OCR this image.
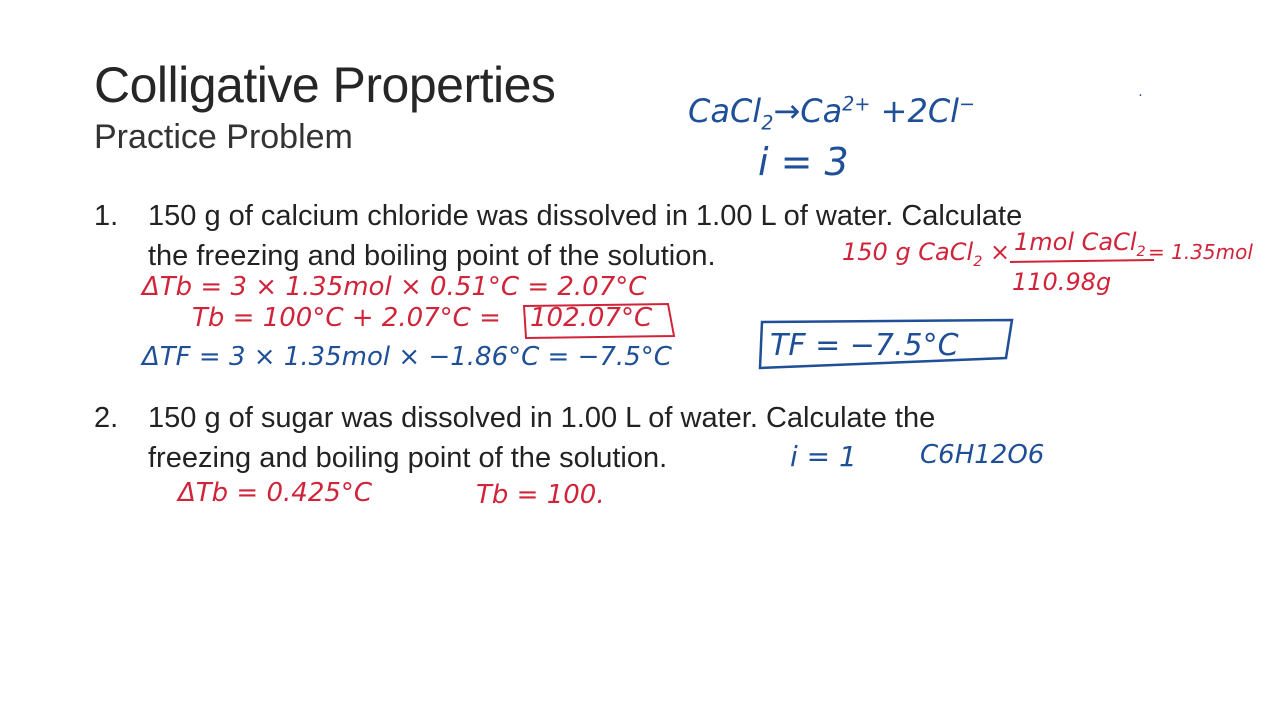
Colligative Properties
Practice Problem
1. 150 g of calcium chloride was dissolved in 1.00 L of water. Calculate
the freezing and boiling point of the solution.
2. 150 g of sugar was dissolved in 1.00 L of water. Calculate the
freezing and boiling point of the solution.
$CaCl_2\to Ca^{2+} +2Cl^-$	·
i = 3
150 g CaCl$_2$ × 1mol CaCl$_2$
110.98g
= 1.35mol
ΔTb = 3 × 1.35mol × 0.51°C = 2.07°C
Tb = 100°C + 2.07°C = 102.07°C
ΔTF = 3 × 1.35mol × −1.86°C = −7.5°C	TF = −7.5°C
i = 1 C6H12O6
ΔTb = 0.425°C	Tb = 100.
